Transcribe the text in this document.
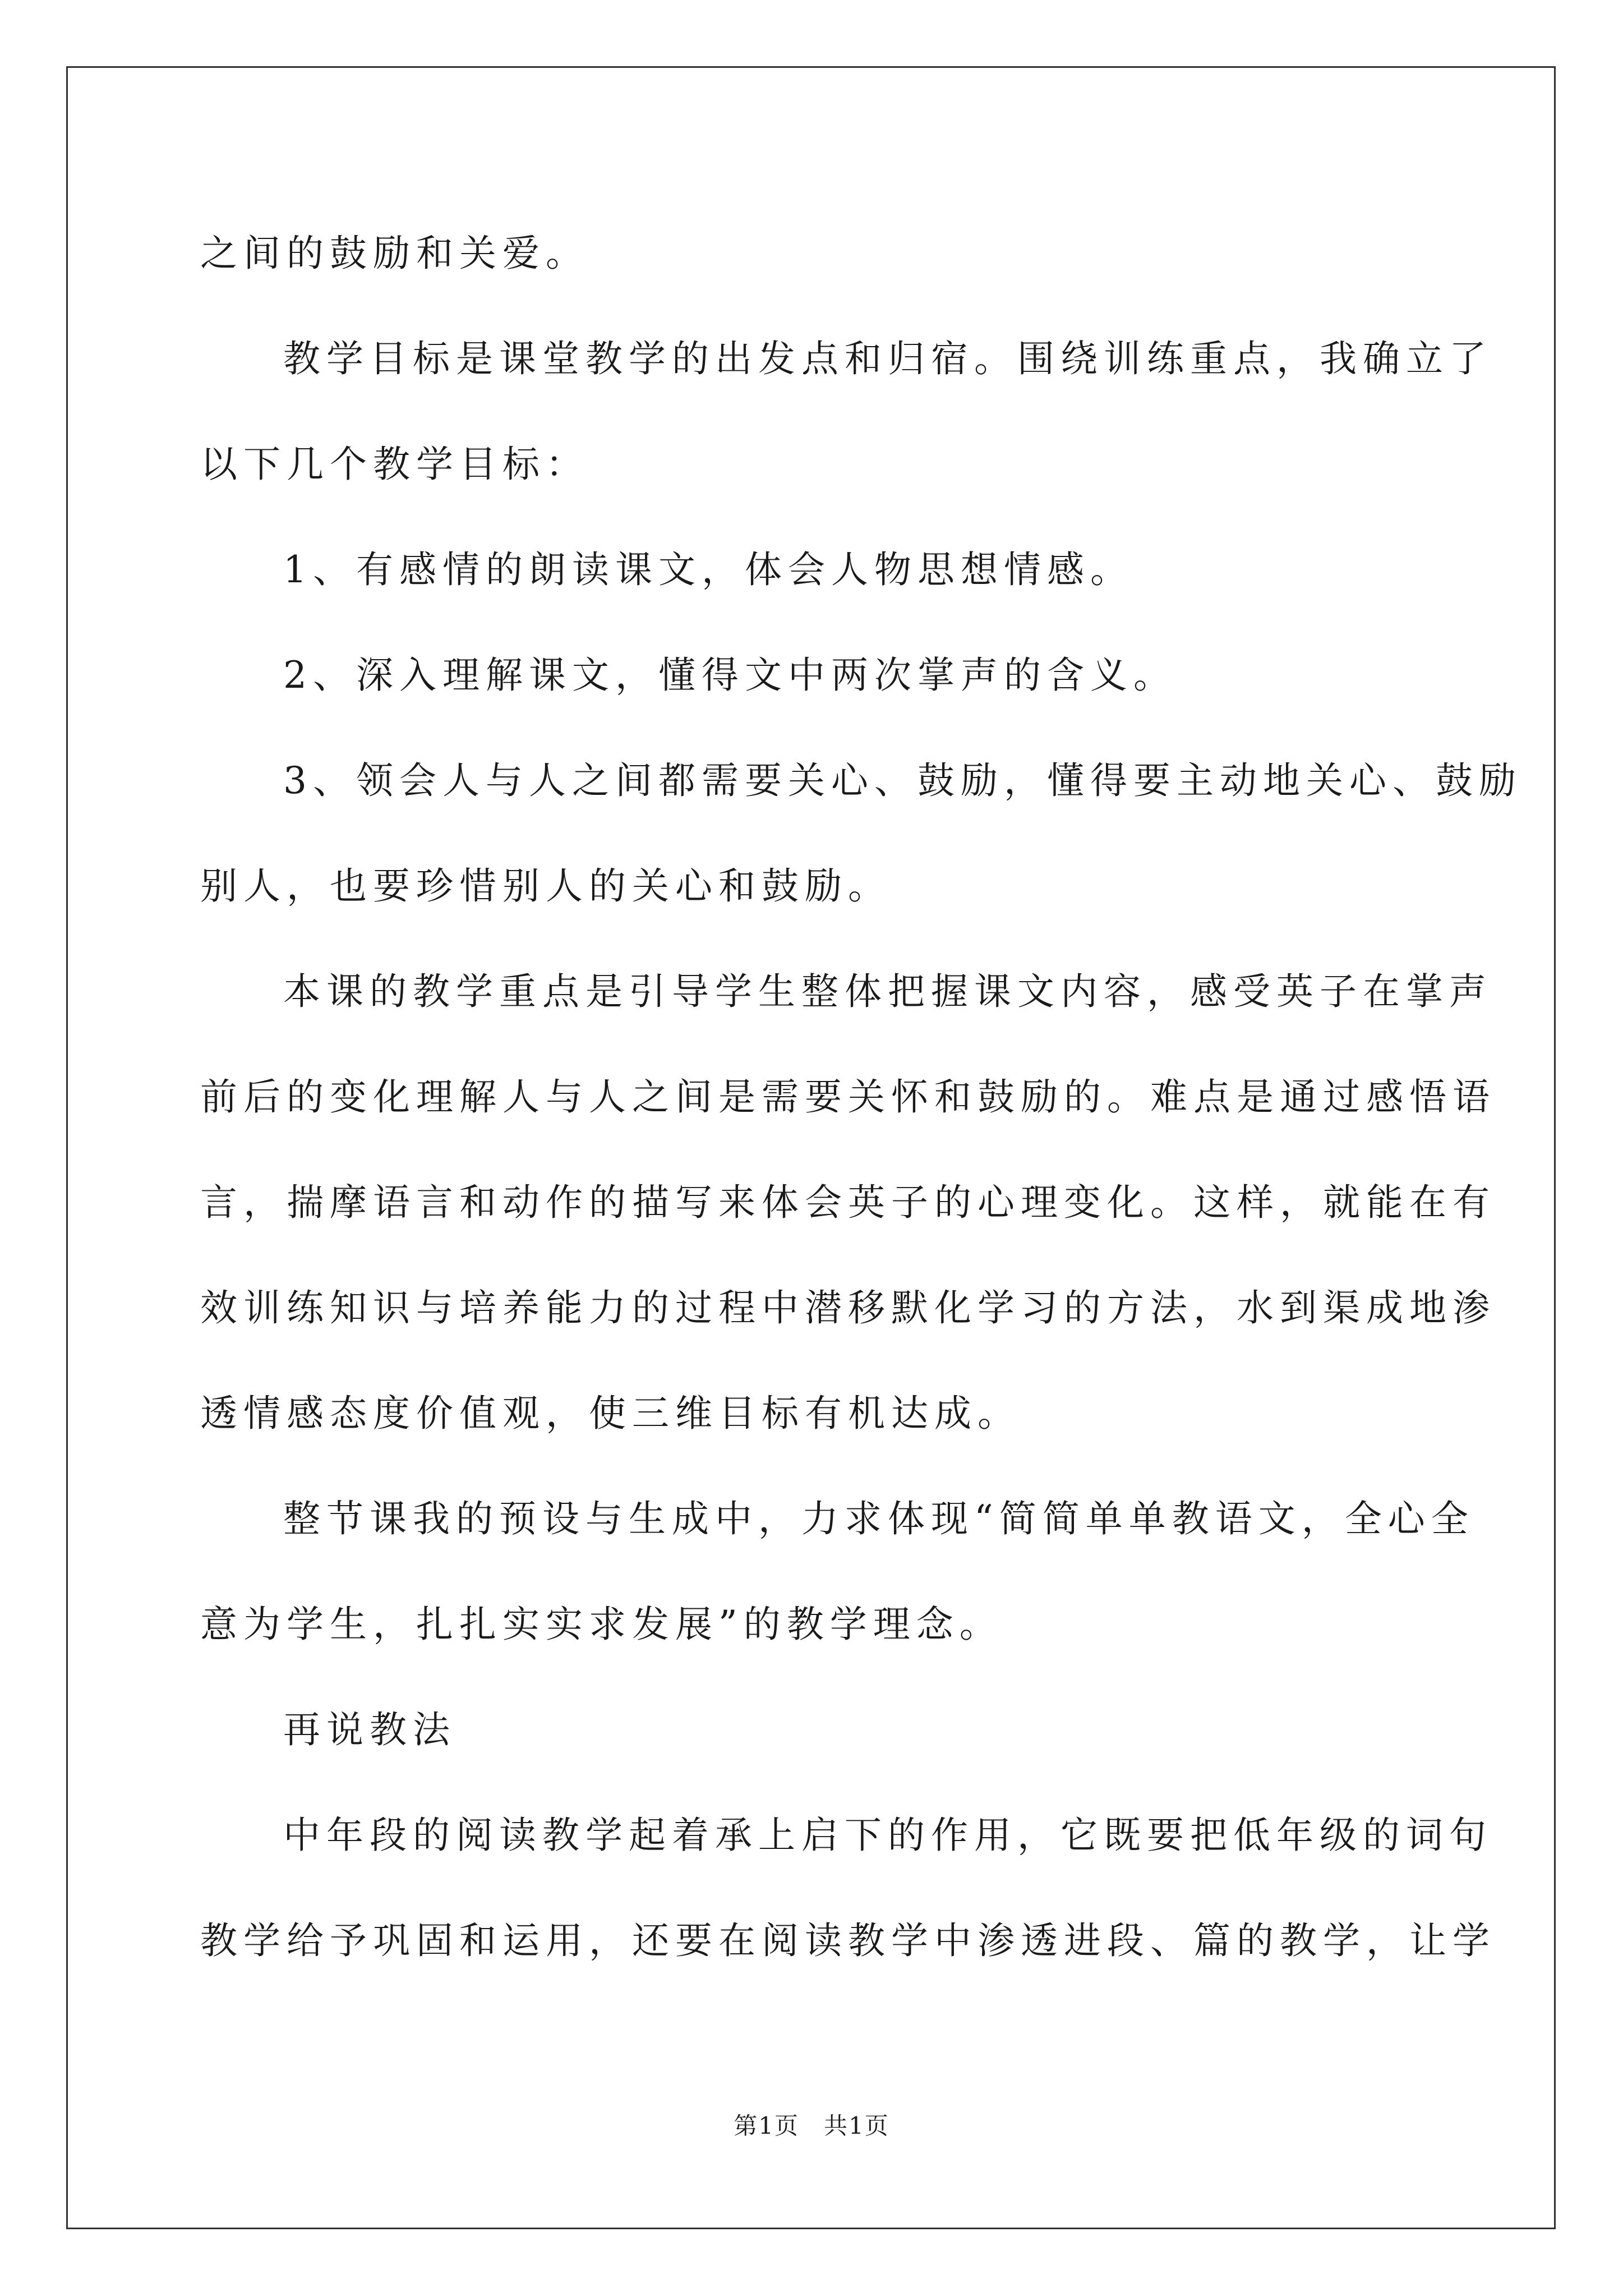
之间的鼓励和关爱。
教学目标是课堂教学的出发点和归宿。围绕训练重点，我确立了
以下几个教学目标：
1、有感情的朗读课文，体会人物思想情感。
2、深入理解课文，懂得文中两次掌声的含义。
3、领会人与人之间都需要关心、鼓励，懂得要主动地关心、鼓励
别人，也要珍惜别人的关心和鼓励。
本课的教学重点是引导学生整体把握课文内容，感受英子在掌声
前后的变化理解人与人之间是需要关怀和鼓励的。难点是通过感悟语
言，揣摩语言和动作的描写来体会英子的心理变化。这样，就能在有
效训练知识与培养能力的过程中潜移默化学习的方法，水到渠成地渗
透情感态度价值观，使三维目标有机达成。
整节课我的预设与生成中，力求体现“简简单单教语文，全心全
意为学生，扎扎实实求发展”的教学理念。
再说教法
中年段的阅读教学起着承上启下的作用，它既要把低年级的词句
教学给予巩固和运用，还要在阅读教学中渗透进段、篇的教学，让学
第1页　共1页
